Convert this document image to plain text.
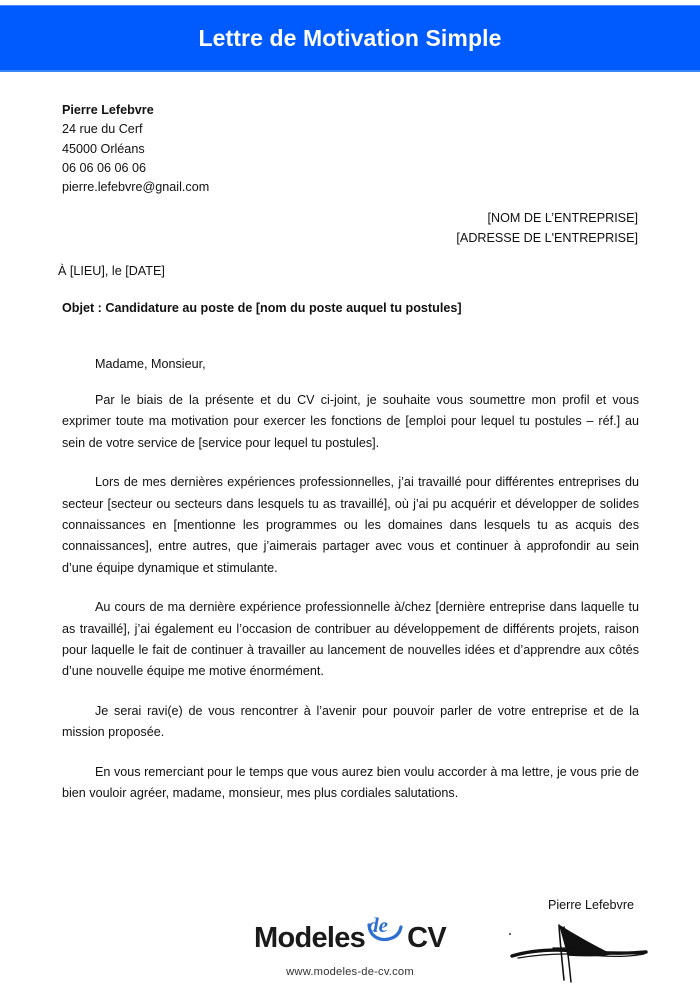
Lettre de Motivation Simple
Pierre Lefebvre
24 rue du Cerf
45000 Orléans
06 06 06 06 06
pierre.lefebvre@gnail.com
[NOM DE L’ENTREPRISE]
[ADRESSE DE L'ENTREPRISE]
À [LIEU], le [DATE]
Objet : Candidature au poste de [nom du poste auquel tu postules]
Madame, Monsieur,

Par le biais de la présente et du CV ci-joint, je souhaite vous soumettre mon profil et vous exprimer toute ma motivation pour exercer les fonctions de [emploi pour lequel tu postules – réf.] au sein de votre service de [service pour lequel tu postules].

Lors de mes dernières expériences professionnelles, j’ai travaillé pour différentes entreprises du secteur [secteur ou secteurs dans lesquels tu as travaillé], où j’ai pu acquérir et développer de solides connaissances en [mentionne les programmes ou les domaines dans lesquels tu as acquis des connaissances], entre autres, que j’aimerais partager avec vous et continuer à approfondir au sein d’une équipe dynamique et stimulante.

Au cours de ma dernière expérience professionnelle à/chez [dernière entreprise dans laquelle tu as travaillé], j’ai également eu l’occasion de contribuer au développement de différents projets, raison pour laquelle le fait de continuer à travailler au lancement de nouvelles idées et d’apprendre aux côtés d’une nouvelle équipe me motive énormément.

Je serai ravi(e) de vous rencontrer à l’avenir pour pouvoir parler de votre entreprise et de la mission proposée.

En vous remerciant pour le temps que vous aurez bien voulu accorder à ma lettre, je vous prie de bien vouloir agréer, madame, monsieur, mes plus cordiales salutations.

Pierre Lefebvre
Modeles de CV
www.modeles-de-cv.com
